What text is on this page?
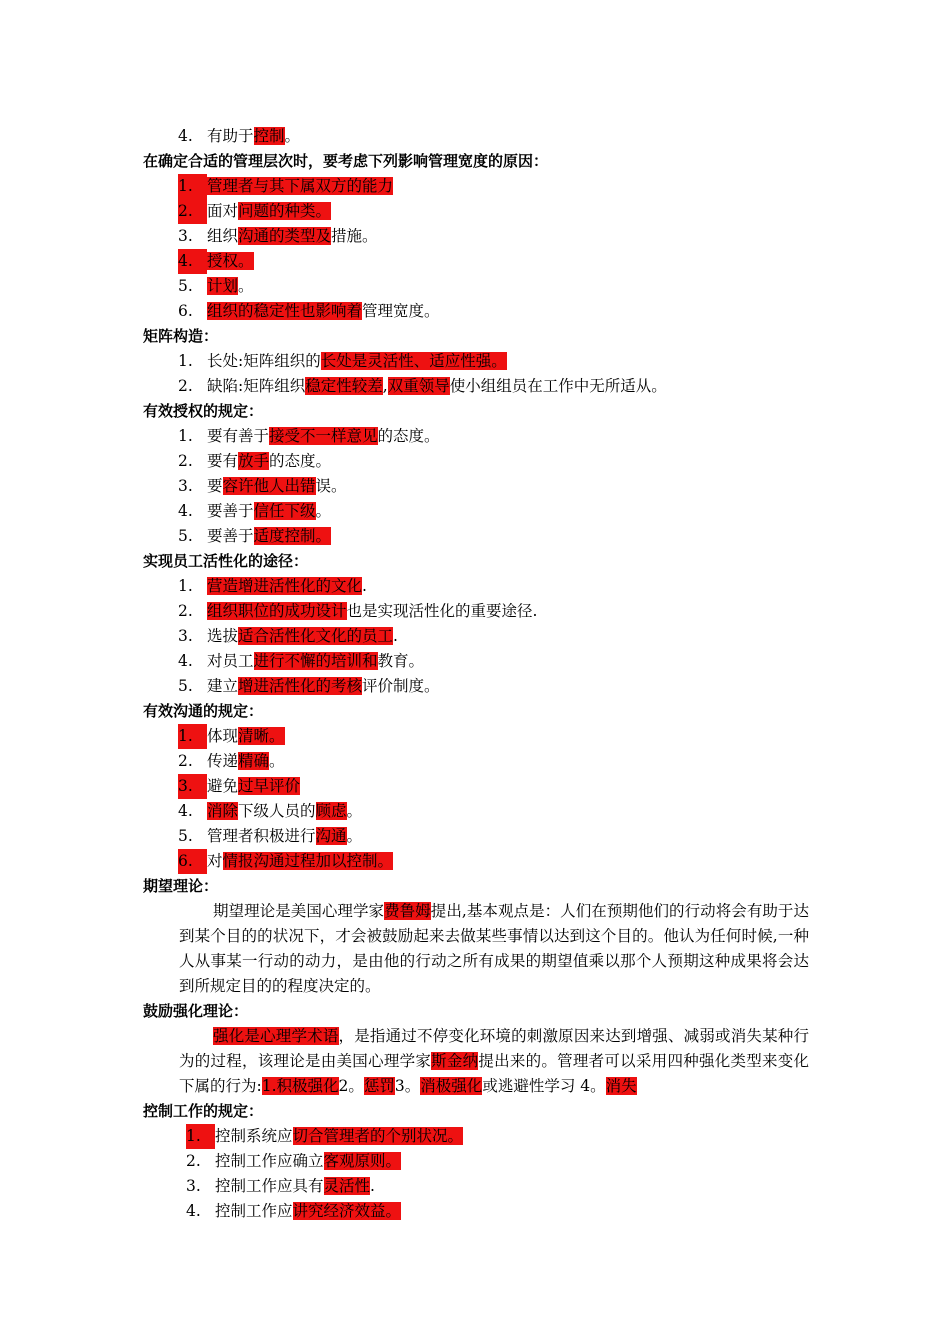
4. 有助于控制。
在确定合适的管理层次时，要考虑下列影响管理宽度的原因：
1. 管理者与其下属双方的能力
2. 面对问题的种类。
3. 组织沟通的类型及措施。
4. 授权。
5. 计划。
6. 组织的稳定性也影响着管理宽度。
矩阵构造：
1. 长处:矩阵组织的长处是灵活性、适应性强。
2. 缺陷:矩阵组织稳定性较差,双重领导使小组组员在工作中无所适从。
有效授权的规定：
1. 要有善于接受不一样意见的态度。
2. 要有放手的态度。
3. 要容许他人出错误。
4. 要善于信任下级。
5. 要善于适度控制。
实现员工活性化的途径：
1. 营造增进活性化的文化.
2. 组织职位的成功设计也是实现活性化的重要途径.
3. 选拔适合活性化文化的员工.
4. 对员工进行不懈的培训和教育。
5. 建立增进活性化的考核评价制度。
有效沟通的规定：
1. 体现清晰。
2. 传递精确。
3. 避免过早评价
4. 消除下级人员的顾虑。
5. 管理者积极进行沟通。
6. 对情报沟通过程加以控制。
期望理论：
期望理论是美国心理学家费鲁姆提出,基本观点是：人们在预期他们的行动将会有助于达到某个目的的状况下，才会被鼓励起来去做某些事情以达到这个目的。他认为任何时候,一种人从事某一行动的动力，是由他的行动之所有成果的期望值乘以那个人预期这种成果将会达到所规定目的的程度决定的。
鼓励强化理论：
强化是心理学术语，是指通过不停变化环境的刺激原因来达到增强、减弱或消失某种行为的过程，该理论是由美国心理学家斯金纳提出来的。管理者可以采用四种强化类型来变化下属的行为:1.积极强化2。惩罚3。消极强化或逃避性学习 4。消失
控制工作的规定：
1. 控制系统应切合管理者的个别状况。
2. 控制工作应确立客观原则。
3. 控制工作应具有灵活性.
4. 控制工作应讲究经济效益。
